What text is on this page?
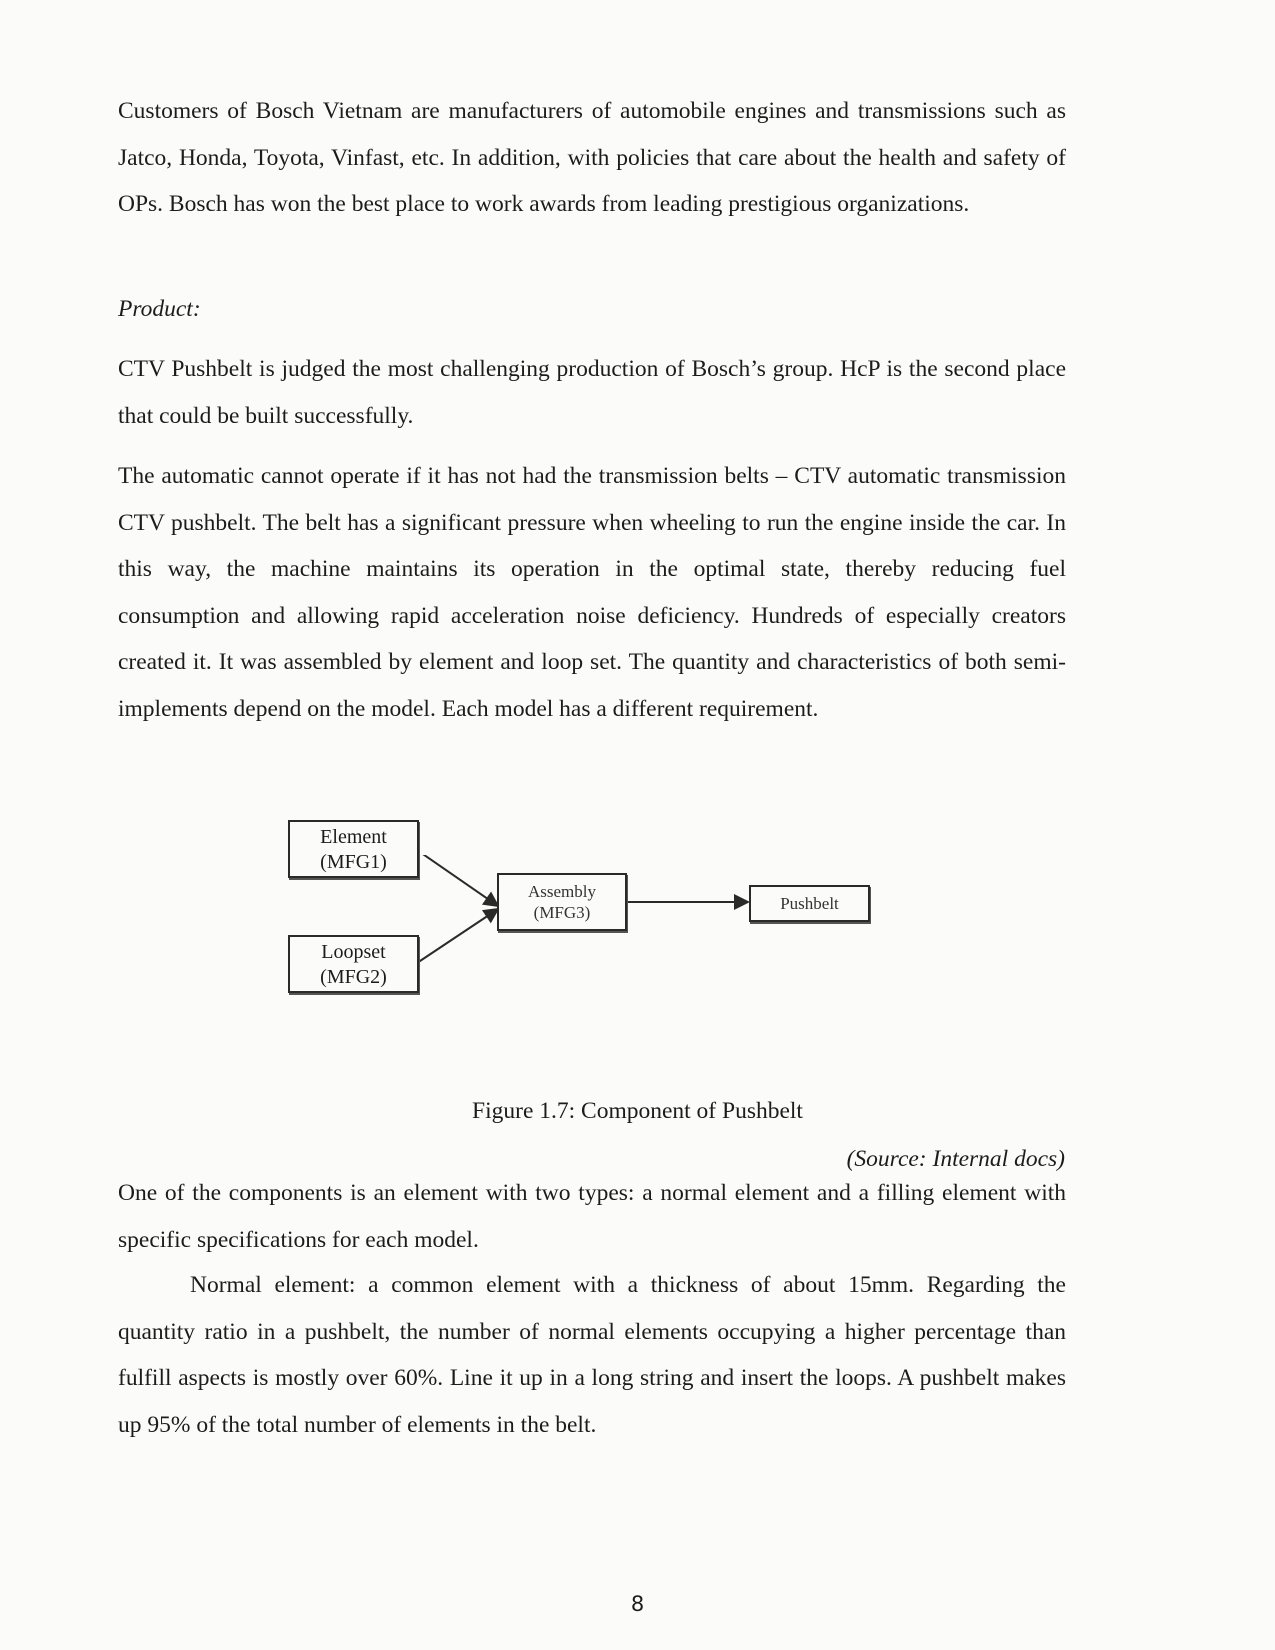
Customers of Bosch Vietnam are manufacturers of automobile engines and transmissions such as Jatco, Honda, Toyota, Vinfast, etc. In addition, with policies that care about the health and safety of OPs. Bosch has won the best place to work awards from leading prestigious organizations.

Product:

CTV Pushbelt is judged the most challenging production of Bosch’s group. HcP is the second place that could be built successfully.

The automatic cannot operate if it has not had the transmission belts – CTV automatic transmission CTV pushbelt. The belt has a significant pressure when wheeling to run the engine inside the car. In this way, the machine maintains its operation in the optimal state, thereby reducing fuel consumption and allowing rapid acceleration noise deficiency. Hundreds of especially creators created it. It was assembled by element and loop set. The quantity and characteristics of both semi-implements depend on the model. Each model has a different requirement.

Element
(MFG1)
Loopset
(MFG2)
Assembly
(MFG3)	Pushbelt

Figure 1.7: Component of Pushbelt

(Source: Internal docs)

One of the components is an element with two types: a normal element and a filling element with specific specifications for each model.

Normal element: a common element with a thickness of about 15mm. Regarding the quantity ratio in a pushbelt, the number of normal elements occupying a higher percentage than fulfill aspects is mostly over 60%. Line it up in a long string and insert the loops. A pushbelt makes up 95% of the total number of elements in the belt.

8
